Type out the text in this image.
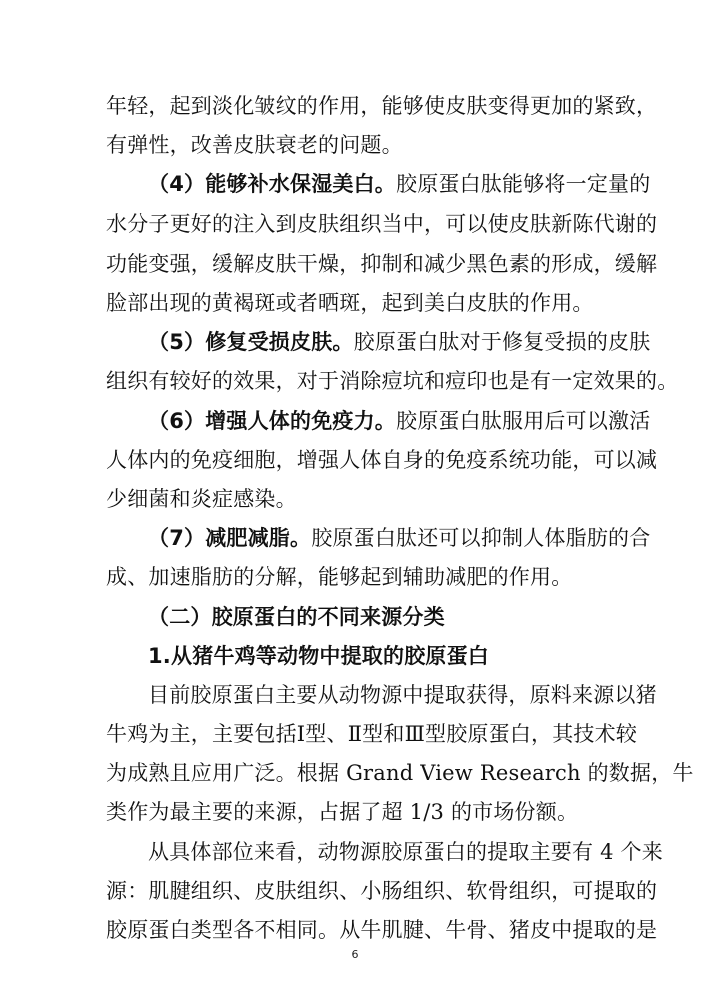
年轻，起到淡化皱纹的作用，能够使皮肤变得更加的紧致，
有弹性，改善皮肤衰老的问题。
（4）能够补水保湿美白。胶原蛋白肽能够将一定量的
水分子更好的注入到皮肤组织当中，可以使皮肤新陈代谢的
功能变强，缓解皮肤干燥，抑制和减少黑色素的形成，缓解
脸部出现的黄褐斑或者晒斑，起到美白皮肤的作用。
（5）修复受损皮肤。胶原蛋白肽对于修复受损的皮肤
组织有较好的效果，对于消除痘坑和痘印也是有一定效果的。
（6）增强人体的免疫力。胶原蛋白肽服用后可以激活
人体内的免疫细胞，增强人体自身的免疫系统功能，可以减
少细菌和炎症感染。
（7）减肥减脂。胶原蛋白肽还可以抑制人体脂肪的合
成、加速脂肪的分解，能够起到辅助减肥的作用。
（二）胶原蛋白的不同来源分类
1.从猪牛鸡等动物中提取的胶原蛋白
目前胶原蛋白主要从动物源中提取获得，原料来源以猪
牛鸡为主，主要包括Ⅰ型、Ⅱ型和Ⅲ型胶原蛋白，其技术较
为成熟且应用广泛。根据 Grand View Research 的数据，牛
类作为最主要的来源，占据了超 1/3 的市场份额。
从具体部位来看，动物源胶原蛋白的提取主要有 4 个来
源：肌腱组织、皮肤组织、小肠组织、软骨组织，可提取的
胶原蛋白类型各不相同。从牛肌腱、牛骨、猪皮中提取的是
6
